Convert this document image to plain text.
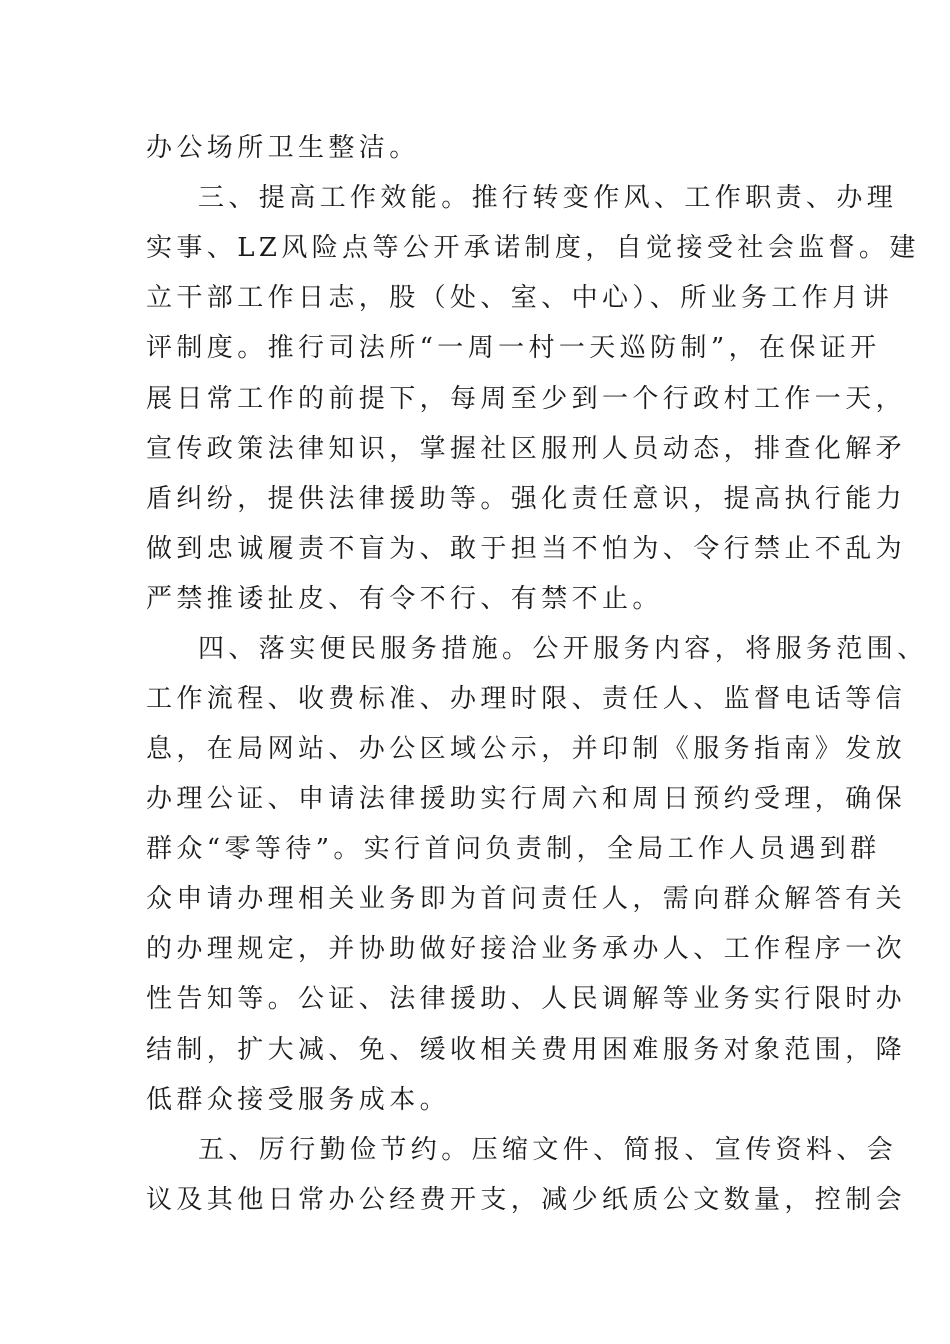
办公场所卫生整洁。
三、提高工作效能。推行转变作风、工作职责、办理
实事、LZ风险点等公开承诺制度，自觉接受社会监督。建
立干部工作日志，股（处、室、中心）、所业务工作月讲
评制度。推行司法所“一周一村一天巡防制”，在保证开
展日常工作的前提下，每周至少到一个行政村工作一天，
宣传政策法律知识，掌握社区服刑人员动态，排查化解矛
盾纠纷，提供法律援助等。强化责任意识，提高执行能力
做到忠诚履责不盲为、敢于担当不怕为、令行禁止不乱为
严禁推诿扯皮、有令不行、有禁不止。
四、落实便民服务措施。公开服务内容，将服务范围、
工作流程、收费标准、办理时限、责任人、监督电话等信
息，在局网站、办公区域公示，并印制《服务指南》发放
办理公证、申请法律援助实行周六和周日预约受理，确保
群众“零等待”。实行首问负责制，全局工作人员遇到群
众申请办理相关业务即为首问责任人，需向群众解答有关
的办理规定，并协助做好接洽业务承办人、工作程序一次
性告知等。公证、法律援助、人民调解等业务实行限时办
结制，扩大减、免、缓收相关费用困难服务对象范围，降
低群众接受服务成本。
五、厉行勤俭节约。压缩文件、简报、宣传资料、会
议及其他日常办公经费开支，减少纸质公文数量，控制会
